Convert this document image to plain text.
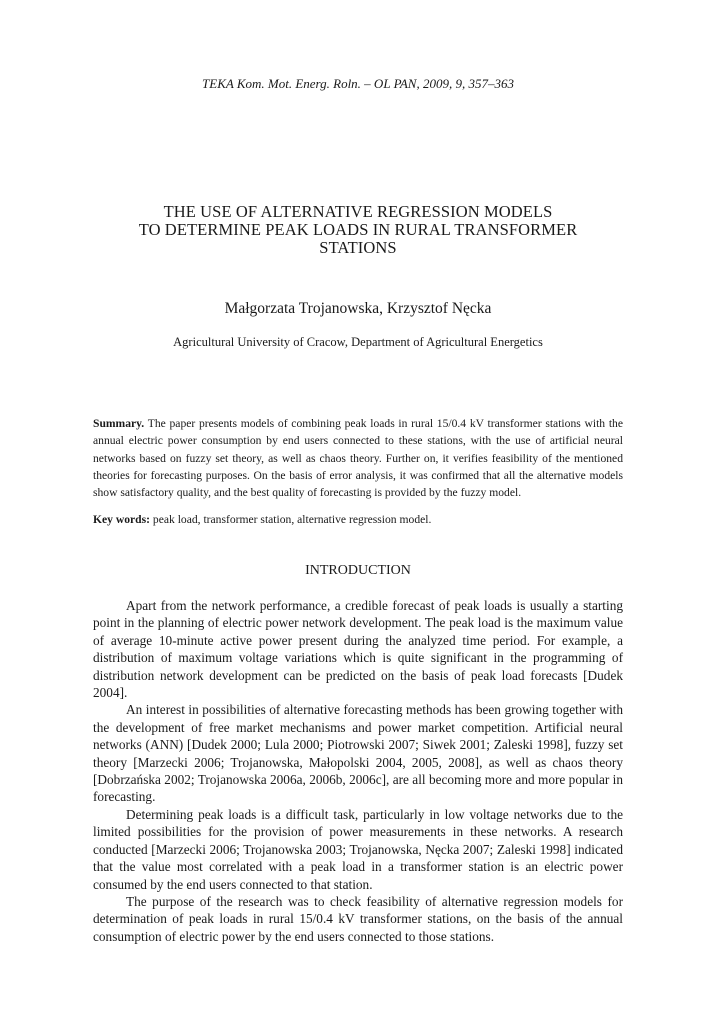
TEKA Kom. Mot. Energ. Roln. – OL PAN, 2009, 9, 357–363
THE USE OF ALTERNATIVE REGRESSION MODELS
TO DETERMINE PEAK LOADS IN RURAL TRANSFORMER
STATIONS
Małgorzata Trojanowska, Krzysztof Nęcka
Agricultural University of Cracow, Department of Agricultural Energetics

Summary. The paper presents models of combining peak loads in rural 15/0.4 kV transformer stations with the annual electric power consumption by end users connected to these stations, with the use of artificial neural networks based on fuzzy set theory, as well as chaos theory. Further on, it verifies feasibility of the mentioned theories for forecasting purposes. On the basis of error analysis, it was confirmed that all the alternative models show satisfactory quality, and the best quality of forecasting is provided by the fuzzy model.

Key words: peak load, transformer station, alternative regression model.

INTRODUCTION

Apart from the network performance, a credible forecast of peak loads is usually a starting point in the planning of electric power network development. The peak load is the maximum value of average 10-minute active power present during the analyzed time period. For example, a distribution of maximum voltage variations which is quite significant in the programming of distribution network development can be predicted on the basis of peak load forecasts [Dudek 2004].

An interest in possibilities of alternative forecasting methods has been growing together with the development of free market mechanisms and power market competition. Artificial neural networks (ANN) [Dudek 2000; Lula 2000; Piotrowski 2007; Siwek 2001; Zaleski 1998], fuzzy set theory [Marzecki 2006; Trojanowska, Małopolski 2004, 2005, 2008], as well as chaos theory [Dobrzańska 2002; Trojanowska 2006a, 2006b, 2006c], are all becoming more and more popular in forecasting.

Determining peak loads is a difficult task, particularly in low voltage networks due to the limited possibilities for the provision of power measurements in these networks. A research conducted [Marzecki 2006; Trojanowska 2003; Trojanowska, Nęcka 2007; Zaleski 1998] indicated that the value most correlated with a peak load in a transformer station is an electric power consumed by the end users connected to that station.

The purpose of the research was to check feasibility of alternative regression models for determination of peak loads in rural 15/0.4 kV transformer stations, on the basis of the annual consumption of electric power by the end users connected to those stations.
